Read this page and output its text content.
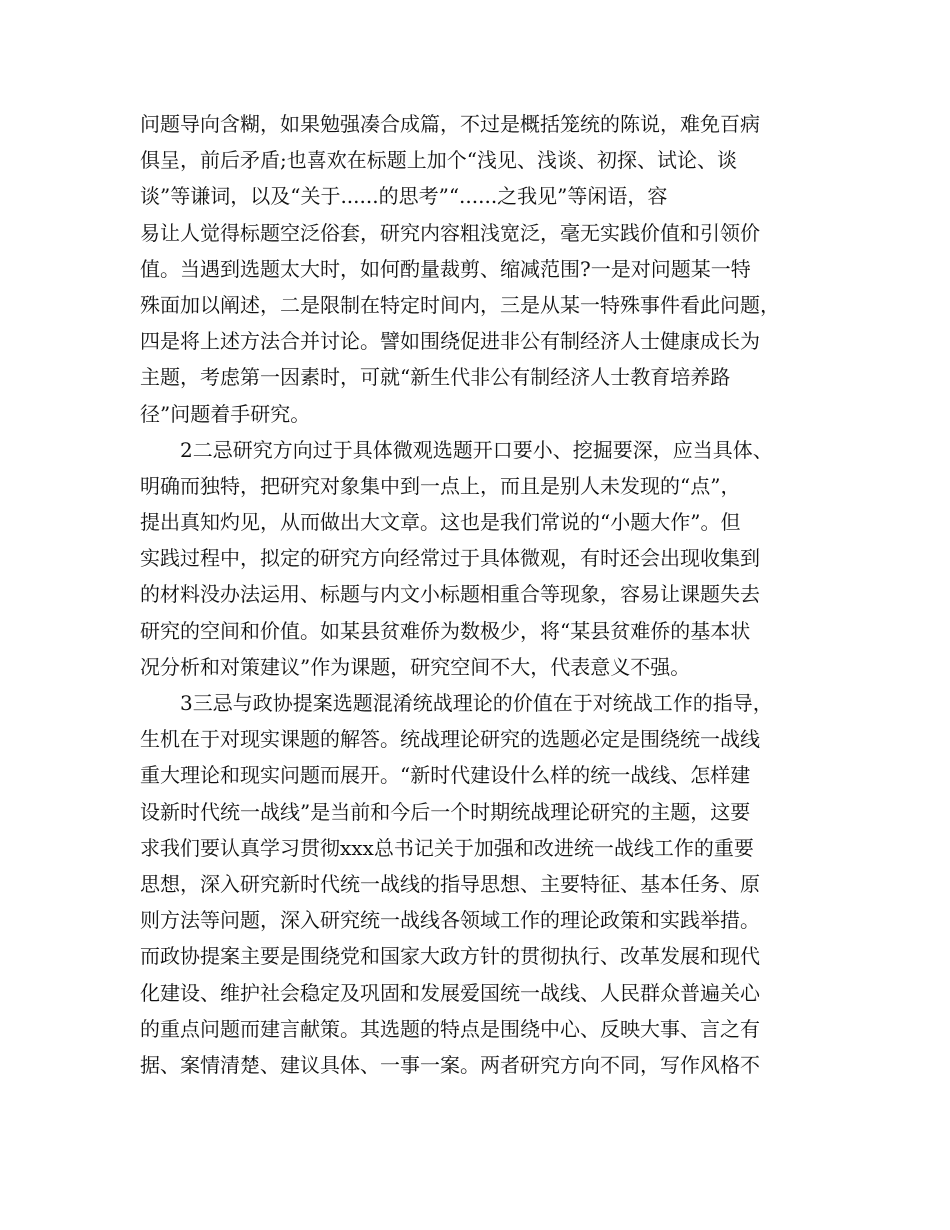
问题导向含糊，如果勉强凑合成篇，不过是概括笼统的陈说，难免百病
俱呈，前后矛盾;也喜欢在标题上加个“浅见、浅谈、初探、试论、谈
谈”等谦词，以及“关于......的思考”“......之我见”等闲语，容
易让人觉得标题空泛俗套，研究内容粗浅宽泛，毫无实践价值和引领价
值。当遇到选题太大时，如何酌量裁剪、缩减范围?一是对问题某一特
殊面加以阐述，二是限制在特定时间内，三是从某一特殊事件看此问题，
四是将上述方法合并讨论。譬如围绕促进非公有制经济人士健康成长为
主题，考虑第一因素时，可就“新生代非公有制经济人士教育培养路
径”问题着手研究。
2二忌研究方向过于具体微观选题开口要小、挖掘要深，应当具体、
明确而独特，把研究对象集中到一点上，而且是别人未发现的“点”，
提出真知灼见，从而做出大文章。这也是我们常说的“小题大作”。但
实践过程中，拟定的研究方向经常过于具体微观，有时还会出现收集到
的材料没办法运用、标题与内文小标题相重合等现象，容易让课题失去
研究的空间和价值。如某县贫难侨为数极少，将“某县贫难侨的基本状
况分析和对策建议”作为课题，研究空间不大，代表意义不强。
3三忌与政协提案选题混淆统战理论的价值在于对统战工作的指导，
生机在于对现实课题的解答。统战理论研究的选题必定是围绕统一战线
重大理论和现实问题而展开。“新时代建设什么样的统一战线、怎样建
设新时代统一战线”是当前和今后一个时期统战理论研究的主题，这要
求我们要认真学习贯彻xxx总书记关于加强和改进统一战线工作的重要
思想，深入研究新时代统一战线的指导思想、主要特征、基本任务、原
则方法等问题，深入研究统一战线各领域工作的理论政策和实践举措。
而政协提案主要是围绕党和国家大政方针的贯彻执行、改革发展和现代
化建设、维护社会稳定及巩固和发展爱国统一战线、人民群众普遍关心
的重点问题而建言献策。其选题的特点是围绕中心、反映大事、言之有
据、案情清楚、建议具体、一事一案。两者研究方向不同，写作风格不
